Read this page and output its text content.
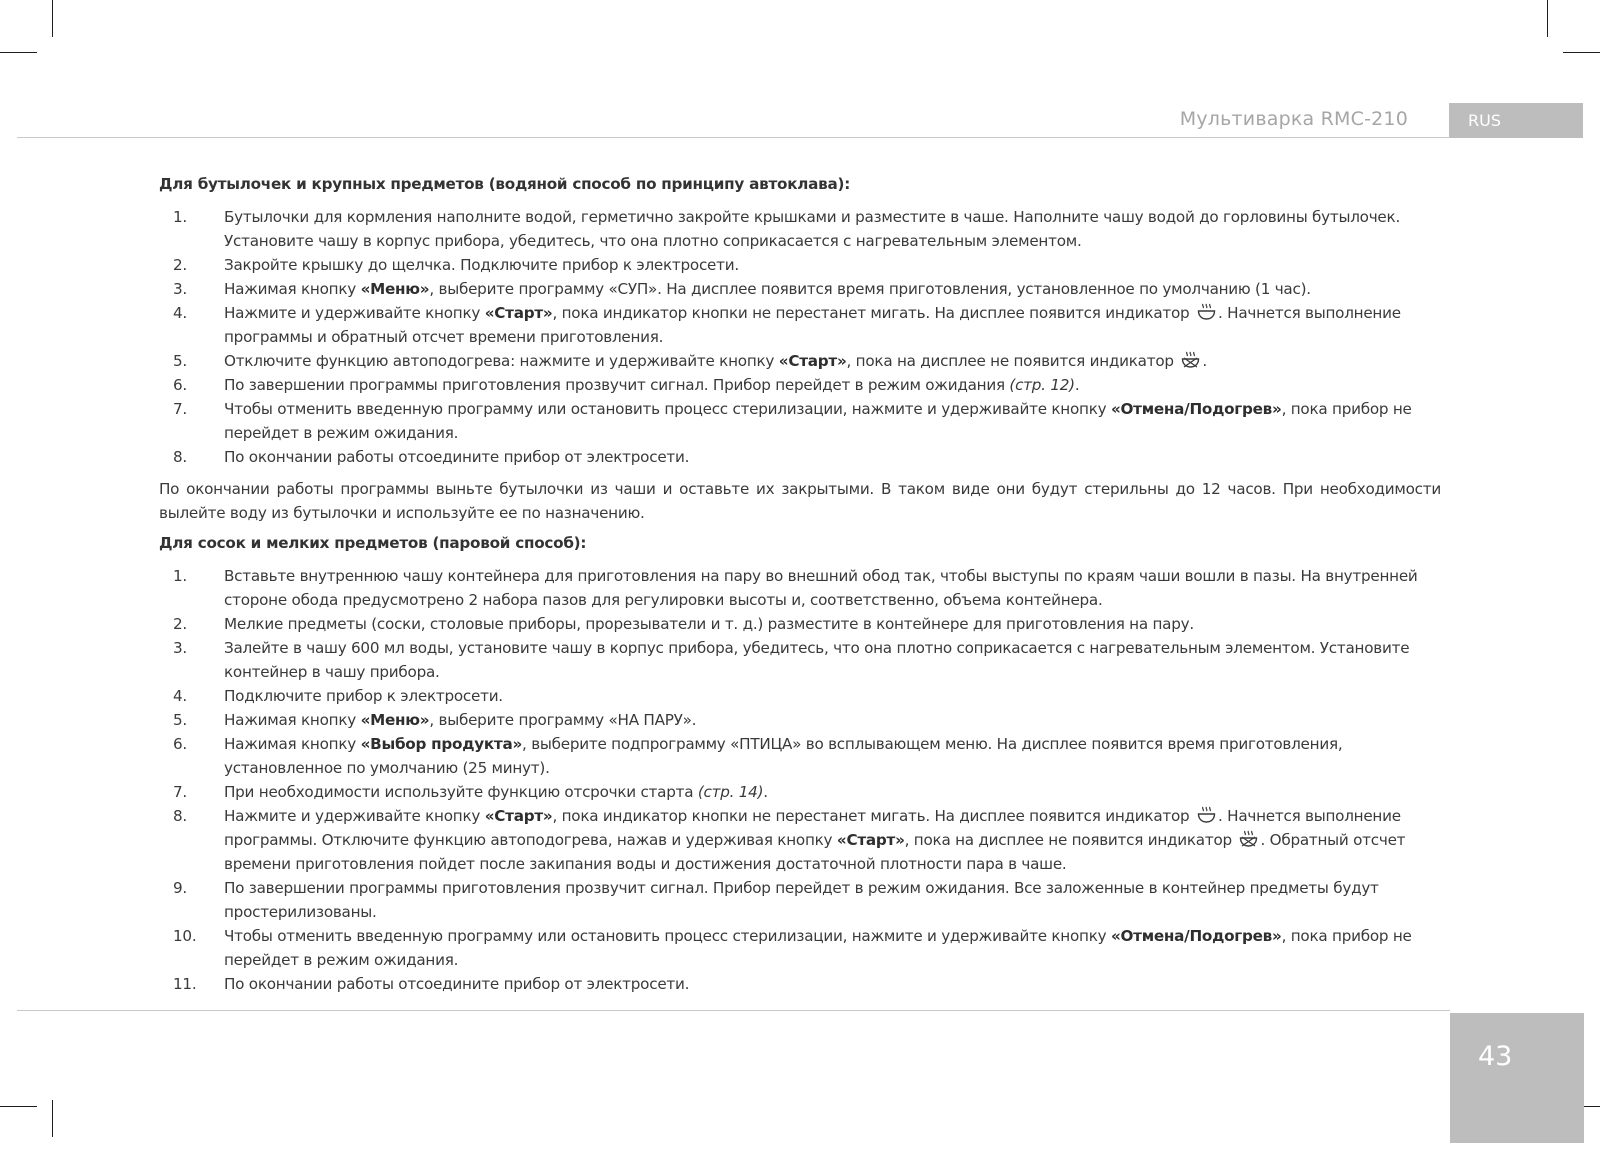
Мультиварка RMC-210	RUS

Для бутылочек и крупных предметов (водяной способ по принципу автоклава):

1.	Бутылочки для кормления наполните водой, герметично закройте крышками и разместите в чаше. Наполните чашу водой до горловины бутылочек. Установите чашу в корпус прибора, убедитесь, что она плотно соприкасается с нагревательным элементом.
2.	Закройте крышку до щелчка. Подключите прибор к электросети.
3.	Нажимая кнопку «Меню», выберите программу «СУП». На дисплее появится время приготовления, установленное по умолчанию (1 час).
4.	Нажмите и удерживайте кнопку «Старт», пока индикатор кнопки не перестанет мигать. На дисплее появится индикатор
. Начнется выполнение программы и обратный отсчет времени приготовления.
5.	Отключите функцию автоподогрева: нажмите и удерживайте кнопку «Старт», пока на дисплее не появится индикатор
.
6.	По завершении программы приготовления прозвучит сигнал. Прибор перейдет в режим ожидания (стр. 12).
7.	Чтобы отменить введенную программу или остановить процесс стерилизации, нажмите и удерживайте кнопку «Отмена/Подогрев», пока прибор не перейдет в режим ожидания.
8.	По окончании работы отсоедините прибор от электросети.

По окончании работы программы выньте бутылочки из чаши и оставьте их закрытыми. В таком виде они будут стерильны до 12 часов. При необходимости вылейте воду из бутылочки и используйте ее по назначению.

Для сосок и мелких предметов (паровой способ):

1.	Вставьте внутреннюю чашу контейнера для приготовления на пару во внешний обод так, чтобы выступы по краям чаши вошли в пазы. На внутренней стороне обода предусмотрено 2 набора пазов для регулировки высоты и, соответственно, объема контейнера.
2.	Мелкие предметы (соски, столовые приборы, прорезыватели и т. д.) разместите в контейнере для приготовления на пару.
3.	Залейте в чашу 600 мл воды, установите чашу в корпус прибора, убедитесь, что она плотно соприкасается с нагревательным элементом. Установите контейнер в чашу прибора.
4.	Подключите прибор к электросети.
5.	Нажимая кнопку «Меню», выберите программу «НА ПАРУ».
6.	Нажимая кнопку «Выбор продукта», выберите подпрограмму «ПТИЦА» во всплывающем меню. На дисплее появится время приготовления, установленное по умолчанию (25 минут).
7.	При необходимости используйте функцию отсрочки старта (стр. 14).
8.	Нажмите и удерживайте кнопку «Старт», пока индикатор кнопки не перестанет мигать. На дисплее появится индикатор
. Начнется выполнение программы. Отключите функцию автоподогрева, нажав и удерживая кнопку «Старт», пока на дисплее не появится индикатор
. Обратный отсчет времени приготовления пойдет после закипания воды и достижения достаточной плотности пара в чаше.
9.	По завершении программы приготовления прозвучит сигнал. Прибор перейдет в режим ожидания. Все заложенные в контейнер предметы будут простерилизованы.
10.	Чтобы отменить введенную программу или остановить процесс стерилизации, нажмите и удерживайте кнопку «Отмена/Подогрев», пока прибор не перейдет в режим ожидания.
11.	По окончании работы отсоедините прибор от электросети.
43
